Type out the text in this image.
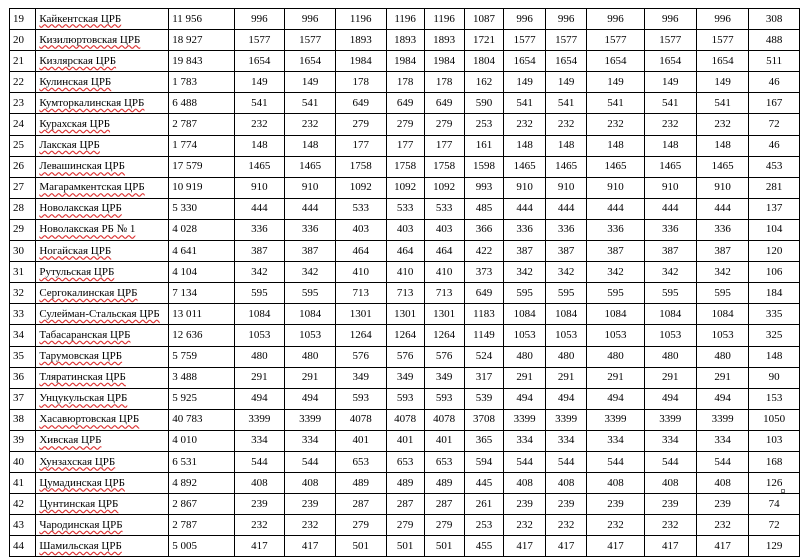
19	Кайкентская ЦРБ	11 956	996	996	1196	1196	1196	1087	996	996	996	996	996	308
20	Кизилюртовская ЦРБ	18 927	1577	1577	1893	1893	1893	1721	1577	1577	1577	1577	1577	488
21	Кизлярская ЦРБ	19 843	1654	1654	1984	1984	1984	1804	1654	1654	1654	1654	1654	511
22	Кулинская ЦРБ	1 783	149	149	178	178	178	162	149	149	149	149	149	46
23	Кумторкалинская ЦРБ	6 488	541	541	649	649	649	590	541	541	541	541	541	167
24	Курахская ЦРБ	2 787	232	232	279	279	279	253	232	232	232	232	232	72
25	Лакская ЦРБ	1 774	148	148	177	177	177	161	148	148	148	148	148	46
26	Левашинская ЦРБ	17 579	1465	1465	1758	1758	1758	1598	1465	1465	1465	1465	1465	453
27	Магарамкентская ЦРБ	10 919	910	910	1092	1092	1092	993	910	910	910	910	910	281
28	Новолакская ЦРБ	5 330	444	444	533	533	533	485	444	444	444	444	444	137
29	Новолакская РБ № 1	4 028	336	336	403	403	403	366	336	336	336	336	336	104
30	Ногайская ЦРБ	4 641	387	387	464	464	464	422	387	387	387	387	387	120
31	Рутульская ЦРБ	4 104	342	342	410	410	410	373	342	342	342	342	342	106
32	Сергокалинская ЦРБ	7 134	595	595	713	713	713	649	595	595	595	595	595	184
33	Сулейман-Стальская ЦРБ	13 011	1084	1084	1301	1301	1301	1183	1084	1084	1084	1084	1084	335
34	Табасаранская ЦРБ	12 636	1053	1053	1264	1264	1264	1149	1053	1053	1053	1053	1053	325
35	Тарумовская ЦРБ	5 759	480	480	576	576	576	524	480	480	480	480	480	148
36	Тляратинская ЦРБ	3 488	291	291	349	349	349	317	291	291	291	291	291	90
37	Унцукульская ЦРБ	5 925	494	494	593	593	593	539	494	494	494	494	494	153
38	Хасавюртовская ЦРБ	40 783	3399	3399	4078	4078	4078	3708	3399	3399	3399	3399	3399	1050
39	Хивская ЦРБ	4 010	334	334	401	401	401	365	334	334	334	334	334	103
40	Хунзахская ЦРБ	6 531	544	544	653	653	653	594	544	544	544	544	544	168
41	Цумадинская ЦРБ	4 892	408	408	489	489	489	445	408	408	408	408	408	126
42	Цунтинская ЦРБ	2 867	239	239	287	287	287	261	239	239	239	239	239	74
43	Чародинская ЦРБ	2 787	232	232	279	279	279	253	232	232	232	232	232	72
44	Шамильская ЦРБ	5 005	417	417	501	501	501	455	417	417	417	417	417	129
